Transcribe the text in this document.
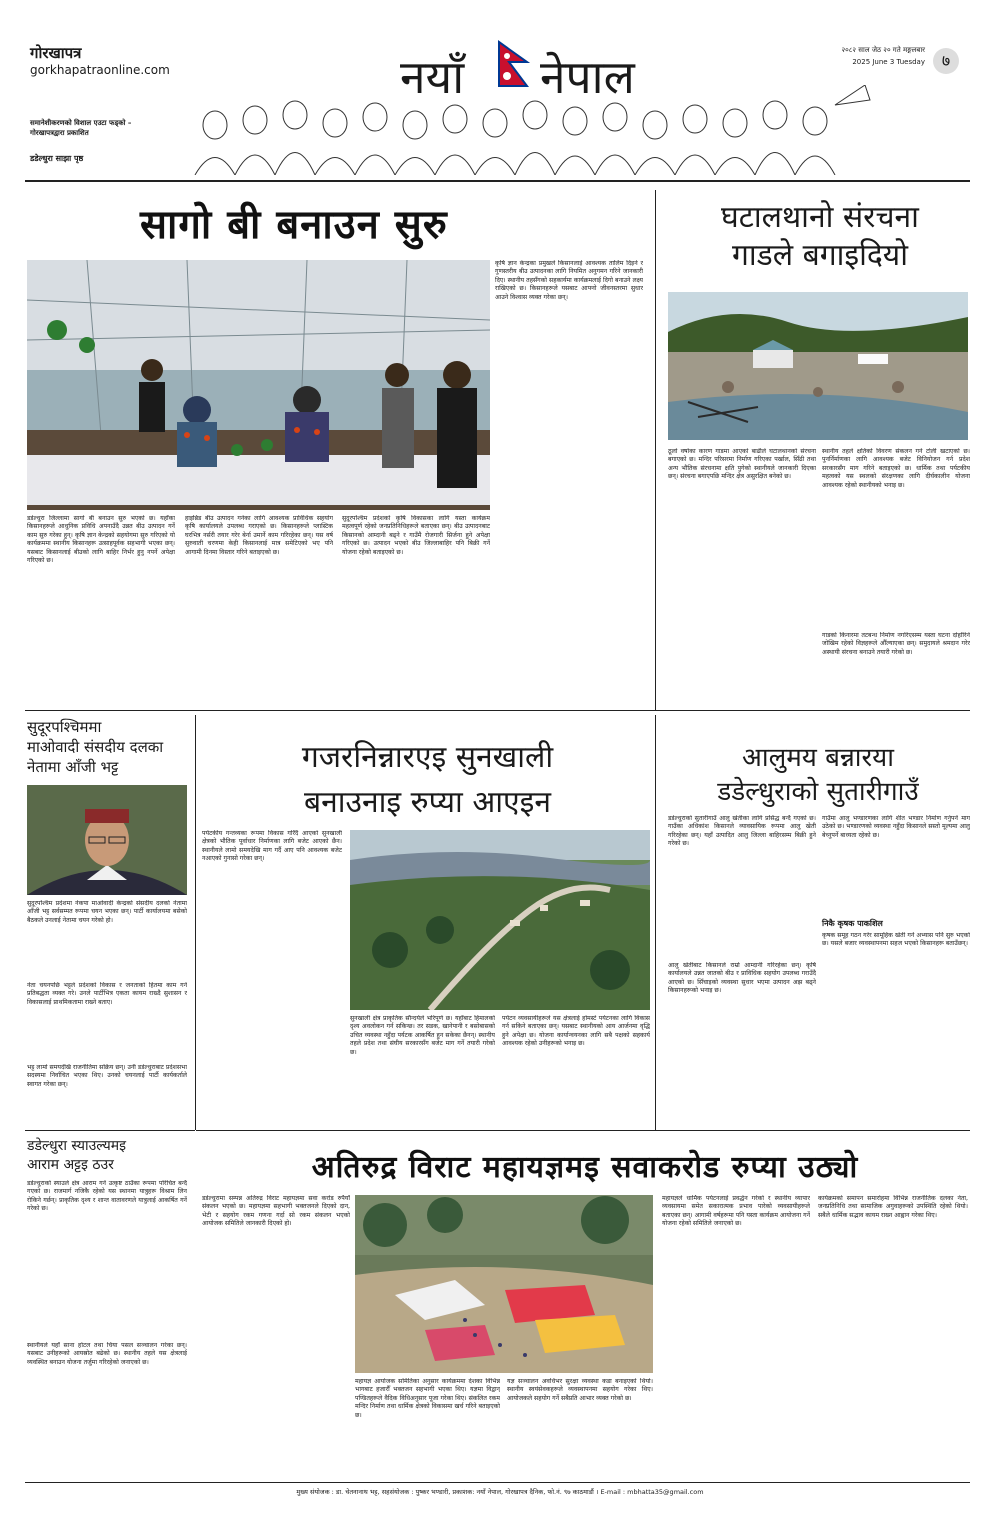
गोरखापत्र
gorkhapatraonline.com
समानेशीकरणको विशाल एउटा फड्को – गोरखापत्रद्वारा प्रकाशित
डडेल्धुरा साझा पृष्ठ
नयाँ नेपाल	२०८२ साल जेठ २० गते मङ्गलबार
2025 June 3 Tuesday	७
सागो बी बनाउन सुरु
डडेल्धुरा जिल्लामा सागो बी बनाउन सुरु भएको छ। यहाँका किसानहरूले आधुनिक प्रविधि अपनाउँदै उन्नत बीउ उत्पादन गर्ने काम सुरु गरेका हुन्। कृषि ज्ञान केन्द्रको सहयोगमा सुरु गरिएको यो कार्यक्रममा स्थानीय किसानहरू उत्साहपूर्वक सहभागी भएका छन्। यसबाट किसानलाई बीउको लागि बाहिर निर्भर हुनु नपर्ने अपेक्षा गरिएको छ।
हाइब्रिड बीउ उत्पादन गर्नका लागि आवश्यक प्राविधिक सहयोग कृषि कार्यालयले उपलब्ध गराएको छ। किसानहरूले प्लास्टिक घरभित्र नर्सरी तयार गरेर बेर्ना उमार्ने काम गरिरहेका छन्। यस वर्ष सुरुवाती चरणमा केही किसानलाई मात्र समेटिएको भए पनि आगामी दिनमा विस्तार गरिने बताइएको छ।
सुदूरपश्चिम प्रदेशको कृषि विकासका लागि यस्ता कार्यक्रम महत्वपूर्ण रहेको जनप्रतिनिधिहरूले बताएका छन्। बीउ उत्पादनबाट किसानको आम्दानी बढ्ने र गाउँमै रोजगारी सिर्जना हुने अपेक्षा गरिएको छ। उत्पादन भएको बीउ जिल्लाबाहिर पनि बिक्री गर्ने योजना रहेको बताइएको छ।
कृषि ज्ञान केन्द्रका प्रमुखले किसानलाई आवश्यक तालिम दिइने र गुणस्तरीय बीउ उत्पादनका लागि नियमित अनुगमन गरिने जानकारी दिए। स्थानीय तहसँगको सहकार्यमा कार्यक्रमलाई दिगो बनाउने लक्ष्य राखिएको छ। किसानहरूले यसबाट आफ्नो जीवनस्तरमा सुधार आउने विश्वास व्यक्त गरेका छन्।
घटालथानो संरचना
गाडले बगाइदियो
ठूलो वर्षाका कारण गाडमा आएको बाढीले घटालथानको संरचना बगाएको छ। मन्दिर परिसरमा निर्माण गरिएका पर्खाल, सिँढी तथा अन्य भौतिक संरचनामा क्षति पुगेको स्थानीयले जानकारी दिएका छन्। संरचना बगाएपछि मन्दिर क्षेत्र असुरक्षित बनेको छ।
स्थानीय तहले क्षतिको विवरण संकलन गर्न टोली खटाएको छ। पुनर्निर्माणका लागि आवश्यक बजेट विनियोजन गर्न प्रदेश सरकारसँग माग गरिने बताइएको छ। धार्मिक तथा पर्यटकीय महत्वको यस स्थलको संरक्षणका लागि दीर्घकालीन योजना आवश्यक रहेको स्थानीयको भनाइ छ।
गाडको किनारमा तटबन्ध निर्माण नगरिएसम्म यस्ता घटना दोहोरिने जोखिम रहेको विज्ञहरूले औँल्याएका छन्। समुदायले श्रमदान गरेर अस्थायी संरचना बनाउने तयारी गरेको छ।
सुदूरपश्चिममा
माओवादी संसदीय दलका
नेतामा आँजी भट्ट
सुदूरपश्चिम प्रदेशमा नेकपा माओवादी केन्द्रको संसदीय दलको नेतामा आँजी भट्ट सर्वसम्मत रूपमा चयन भएका छन्। पार्टी कार्यालयमा बसेको बैठकले उनलाई नेतामा चयन गरेको हो।
नेता चयनपछि भट्टले प्रदेशको विकास र जनताको हितमा काम गर्ने प्रतिबद्धता व्यक्त गरे। उनले पार्टीभित्र एकता कायम राख्दै सुशासन र विकासलाई प्राथमिकतामा राख्ने बताए।
भट्ट लामो समयदेखि राजनीतिमा सक्रिय छन्। उनी डडेल्धुराबाट प्रदेशसभा सदस्यमा निर्वाचित भएका थिए। उनको चयनलाई पार्टी कार्यकर्ताले स्वागत गरेका छन्।
गजरनिन्नारएइ सुनखाली
बनाउनाइ रुप्या आएइन
पर्यटकीय गन्तव्यका रूपमा विकास गरिँदै आएको सुनखाली क्षेत्रको भौतिक पूर्वाधार निर्माणका लागि बजेट आएको छैन। स्थानीयले लामो समयदेखि माग गर्दै आए पनि आवश्यक बजेट नआएको गुनासो गरेका छन्।
सुनखाली क्षेत्र प्राकृतिक सौन्दर्यले भरिपूर्ण छ। यहाँबाट हिमालको दृश्य अवलोकन गर्न सकिन्छ। तर सडक, खानेपानी र बसोबासको उचित व्यवस्था नहुँदा पर्यटक आकर्षित हुन सकेका छैनन्। स्थानीय तहले प्रदेश तथा संघीय सरकारसँग बजेट माग गर्ने तयारी गरेको छ।
पर्यटन व्यवसायीहरूले यस क्षेत्रलाई होमस्टे पर्यटनका लागि विकास गर्न सकिने बताएका छन्। यसबाट स्थानीयको आय आर्जनमा वृद्धि हुने अपेक्षा छ। योजना कार्यान्वयनका लागि सबै पक्षको सहकार्य आवश्यक रहेको उनीहरूको भनाइ छ।
आलुमय बन्नारया
डडेल्धुराको सुतारीगाउँ
डडेल्धुराको सुतारीगाउँ आलु खेतीका लागि प्रसिद्ध बन्दै गएको छ। गाउँका अधिकांश किसानले व्यावसायिक रूपमा आलु खेती गरिरहेका छन्। यहाँ उत्पादित आलु जिल्ला बाहिरसम्म बिक्री हुने गरेको छ।
आलु खेतीबाट किसानले राम्रो आम्दानी गरिरहेका छन्। कृषि कार्यालयले उन्नत जातको बीउ र प्राविधिक सहयोग उपलब्ध गराउँदै आएको छ। सिँचाइको व्यवस्था सुधार भएमा उत्पादन अझ बढ्ने किसानहरूको भनाइ छ।
गाउँमा आलु भण्डारणका लागि शीत भण्डार निर्माण गर्नुपर्ने माग उठेको छ। भण्डारणको व्यवस्था नहुँदा किसानले सस्तो मूल्यमा आलु बेच्नुपर्ने बाध्यता रहेको छ।
निकै कृषक पाकशिल
कृषक समूह गठन गरेर सामूहिक खेती गर्ने अभ्यास पनि सुरु भएको छ। यसले बजार व्यवस्थापनमा सहज भएको किसानहरू बताउँछन्।
डडेल्धुरा स्याउल्यमइ
आराम अट्टइ ठउर
डडेल्धुराको स्याउले क्षेत्र आराम गर्ने उत्कृष्ट ठाउँका रूपमा परिचित बन्दै गएको छ। राजमार्ग नजिकै रहेको यस स्थानमा यात्रुहरू विश्राम लिन रोकिने गर्छन्। प्राकृतिक दृश्य र शान्त वातावरणले यात्रुलाई आकर्षित गर्ने गरेको छ।
स्थानीयले यहाँ साना होटल तथा चिया पसल सञ्चालन गरेका छन्। यसबाट उनीहरूको आयस्रोत बढेको छ। स्थानीय तहले यस क्षेत्रलाई व्यवस्थित बनाउन योजना तर्जुमा गरिरहेको जनाएको छ।
अतिरुद्र विराट महायज्ञमइ सवाकरोड रुप्या उठ्यो
डडेल्धुरामा सम्पन्न अतिरुद्र विराट महायज्ञमा सवा करोड रुपैयाँ संकलन भएको छ। महायज्ञमा सहभागी भक्तजनले दिएको दान, भेटी र सहयोग रकम गणना गर्दा सो रकम संकलन भएको आयोजक समितिले जानकारी दिएको हो।
महायज्ञ आयोजक समितिका अनुसार कार्यक्रममा देशका विभिन्न भागबाट हजारौँ भक्तजन सहभागी भएका थिए। यज्ञमा विद्वान् पण्डितहरूले वैदिक विधिअनुसार पूजा गरेका थिए। संकलित रकम मन्दिर निर्माण तथा धार्मिक क्षेत्रको विकासमा खर्च गरिने बताइएको छ।
यज्ञ सञ्चालन अवधिभर सुरक्षा व्यवस्था कडा बनाइएको थियो। स्थानीय स्वयंसेवकहरूले व्यवस्थापनमा सहयोग गरेका थिए। आयोजकले सहयोग गर्ने सबैप्रति आभार व्यक्त गरेको छ।
महायज्ञले धार्मिक पर्यटनलाई प्रवर्द्धन गरेको र स्थानीय व्यापार व्यवसायमा समेत सकारात्मक प्रभाव पारेको व्यवसायीहरूले बताएका छन्। आगामी वर्षहरूमा पनि यस्ता कार्यक्रम आयोजना गर्ने योजना रहेको समितिले जनाएको छ।
कार्यक्रमको समापन समारोहमा विभिन्न राजनीतिक दलका नेता, जनप्रतिनिधि तथा सामाजिक अगुवाहरूको उपस्थिति रहेको थियो। सबैले धार्मिक सद्भाव कायम राख्न आह्वान गरेका थिए।
मुख्य संयोजक : डा. चेतनानाथ भट्ट, सहसंयोजक : पुष्कर भण्डारी, प्रकाशक: नयाँ नेपाल, गोरखापत्र दैनिक, फो.नं. ९७ काठमाडौं । E-mail : mbhatta35@gmail.com
